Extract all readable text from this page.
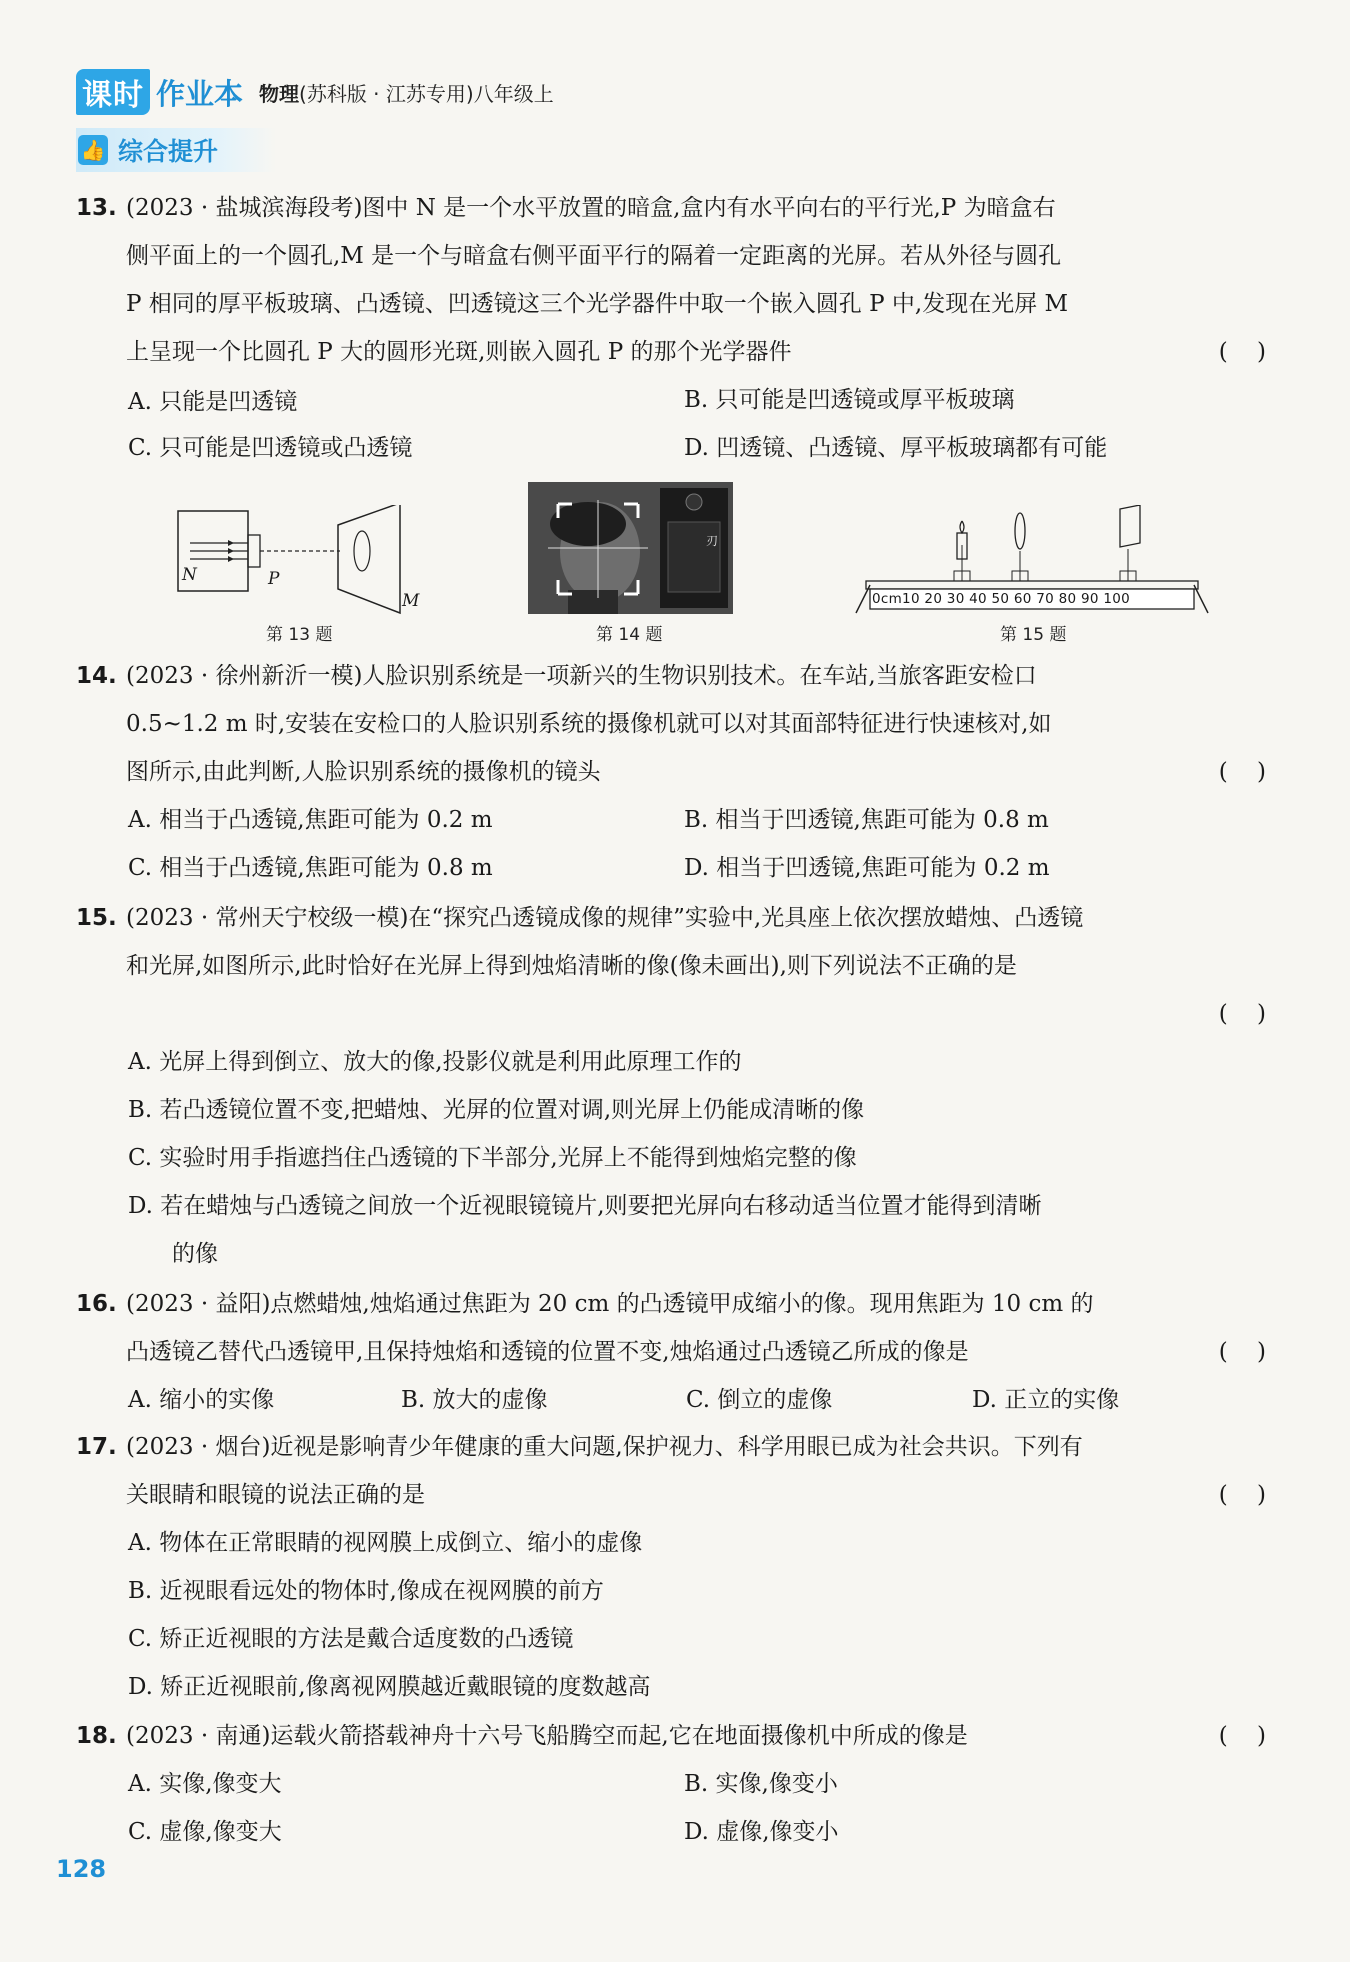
课时 作业本 物理(苏科版 · 江苏专用)八年级上
👍 综合提升
13. (2023 · 盐城滨海段考)图中 N 是一个水平放置的暗盒,盒内有水平向右的平行光,P 为暗盒右
侧平面上的一个圆孔,M 是一个与暗盒右侧平面平行的隔着一定距离的光屏。若从外径与圆孔
P 相同的厚平板玻璃、凸透镜、凹透镜这三个光学器件中取一个嵌入圆孔 P 中,发现在光屏 M
上呈现一个比圆孔 P 大的圆形光斑,则嵌入圆孔 P 的那个光学器件	(    )
A. 只能是凹透镜	B. 只可能是凹透镜或厚平板玻璃
C. 只可能是凹透镜或凸透镜	D. 凹透镜、凸透镜、厚平板玻璃都有可能
N	P
M
第 13 题
刃
第 14 题
0cm10 20 30 40 50 60 70 80 90 100
第 15 题
14. (2023 · 徐州新沂一模)人脸识别系统是一项新兴的生物识别技术。在车站,当旅客距安检口
0.5~1.2 m 时,安装在安检口的人脸识别系统的摄像机就可以对其面部特征进行快速核对,如
图所示,由此判断,人脸识别系统的摄像机的镜头	(    )
A. 相当于凸透镜,焦距可能为 0.2 m	B. 相当于凹透镜,焦距可能为 0.8 m
C. 相当于凸透镜,焦距可能为 0.8 m	D. 相当于凹透镜,焦距可能为 0.2 m
15. (2023 · 常州天宁校级一模)在“探究凸透镜成像的规律”实验中,光具座上依次摆放蜡烛、凸透镜
和光屏,如图所示,此时恰好在光屏上得到烛焰清晰的像(像未画出),则下列说法不正确的是
(    )
A. 光屏上得到倒立、放大的像,投影仪就是利用此原理工作的
B. 若凸透镜位置不变,把蜡烛、光屏的位置对调,则光屏上仍能成清晰的像
C. 实验时用手指遮挡住凸透镜的下半部分,光屏上不能得到烛焰完整的像
D. 若在蜡烛与凸透镜之间放一个近视眼镜镜片,则要把光屏向右移动适当位置才能得到清晰
的像
16. (2023 · 益阳)点燃蜡烛,烛焰通过焦距为 20 cm 的凸透镜甲成缩小的像。现用焦距为 10 cm 的
凸透镜乙替代凸透镜甲,且保持烛焰和透镜的位置不变,烛焰通过凸透镜乙所成的像是	(    )
A. 缩小的实像	B. 放大的虚像	C. 倒立的虚像	D. 正立的实像
17. (2023 · 烟台)近视是影响青少年健康的重大问题,保护视力、科学用眼已成为社会共识。下列有
关眼睛和眼镜的说法正确的是	(    )
A. 物体在正常眼睛的视网膜上成倒立、缩小的虚像
B. 近视眼看远处的物体时,像成在视网膜的前方
C. 矫正近视眼的方法是戴合适度数的凸透镜
D. 矫正近视眼前,像离视网膜越近戴眼镜的度数越高
18. (2023 · 南通)运载火箭搭载神舟十六号飞船腾空而起,它在地面摄像机中所成的像是	(    )
A. 实像,像变大	B. 实像,像变小
C. 虚像,像变大	D. 虚像,像变小
128
